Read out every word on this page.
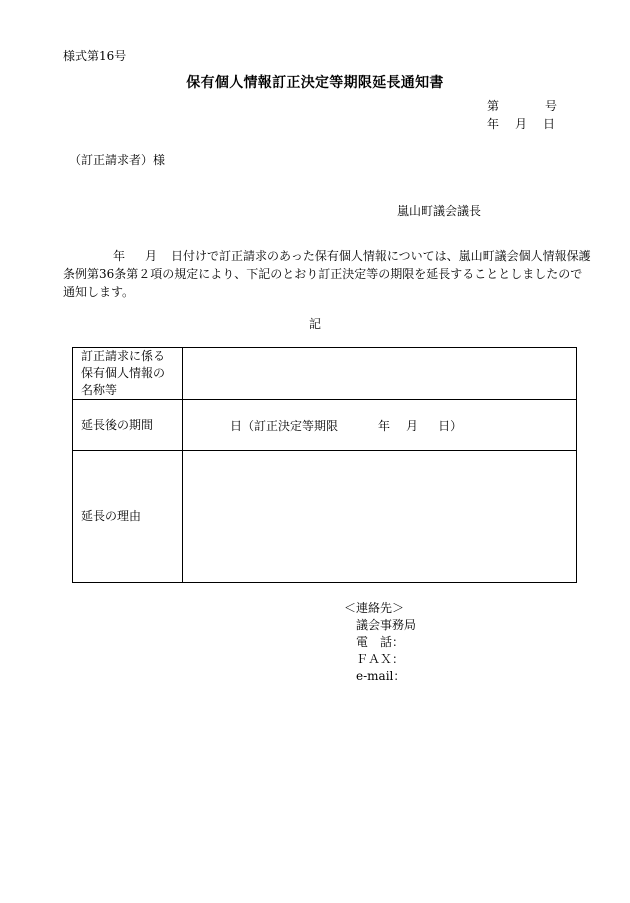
様式第16号
保有個人情報訂正決定等期限延長通知書
第	号
年 月 日
（訂正請求者）様
嵐山町議会議長
年 月 日付けで訂正請求のあった保有個人情報については、嵐山町議会個人情報保護
条例第36条第２項の規定により、下記のとおり訂正決定等の期限を延長することとしましたので
通知します。
記
訂正請求に係る保有個人情報の名称等	
延長後の期間	日（訂正決定等期限 年 月 日）
延長の理由	
＜連絡先＞
議会事務局
電　話：
ＦＡＸ：
e-mail：
